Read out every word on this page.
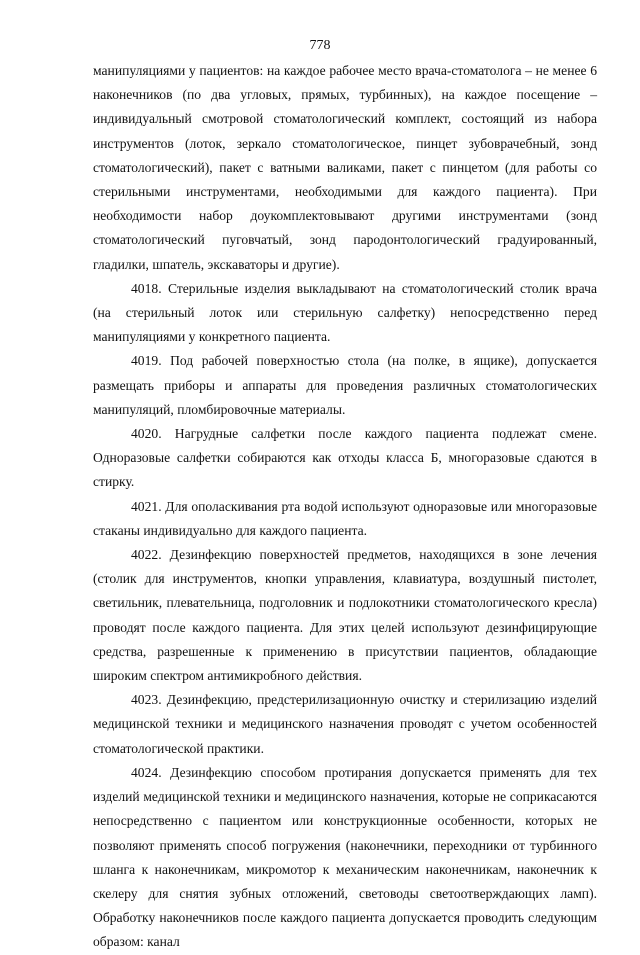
778

манипуляциями у пациентов: на каждое рабочее место врача-стоматолога – не менее 6 наконечников (по два угловых, прямых, турбинных), на каждое посещение – индивидуальный смотровой стоматологический комплект, состоящий из набора инструментов (лоток, зеркало стоматологическое, пинцет зубоврачебный, зонд стоматологический), пакет с ватными валиками, пакет с пинцетом (для работы со стерильными инструментами, необходимыми для каждого пациента). При необходимости набор доукомплектовывают другими инструментами (зонд стоматологический пуговчатый, зонд пародонтологический градуированный, гладилки, шпатель, экскаваторы и другие).

4018. Стерильные изделия выкладывают на стоматологический столик врача (на стерильный лоток или стерильную салфетку) непосредственно перед манипуляциями у конкретного пациента.

4019. Под рабочей поверхностью стола (на полке, в ящике), допускается размещать приборы и аппараты для проведения различных стоматологических манипуляций, пломбировочные материалы.

4020. Нагрудные салфетки после каждого пациента подлежат смене. Одноразовые салфетки собираются как отходы класса Б, многоразовые сдаются в стирку.

4021. Для ополаскивания рта водой используют одноразовые или многоразовые стаканы индивидуально для каждого пациента.

4022. Дезинфекцию поверхностей предметов, находящихся в зоне лечения (столик для инструментов, кнопки управления, клавиатура, воздушный пистолет, светильник, плевательница, подголовник и подлокотники стоматологического кресла) проводят после каждого пациента. Для этих целей используют дезинфицирующие средства, разрешенные к применению в присутствии пациентов, обладающие широким спектром антимикробного действия.

4023. Дезинфекцию, предстерилизационную очистку и стерилизацию изделий медицинской техники и медицинского назначения проводят с учетом особенностей стоматологической практики.

4024. Дезинфекцию способом протирания допускается применять для тех изделий медицинской техники и медицинского назначения, которые не соприкасаются непосредственно с пациентом или конструкционные особенности, которых не позволяют применять способ погружения (наконечники, переходники от турбинного шланга к наконечникам, микромотор к механическим наконечникам, наконечник к скелеру для снятия зубных отложений, световоды светоотверждающих ламп). Обработку наконечников после каждого пациента допускается проводить следующим образом: канал
